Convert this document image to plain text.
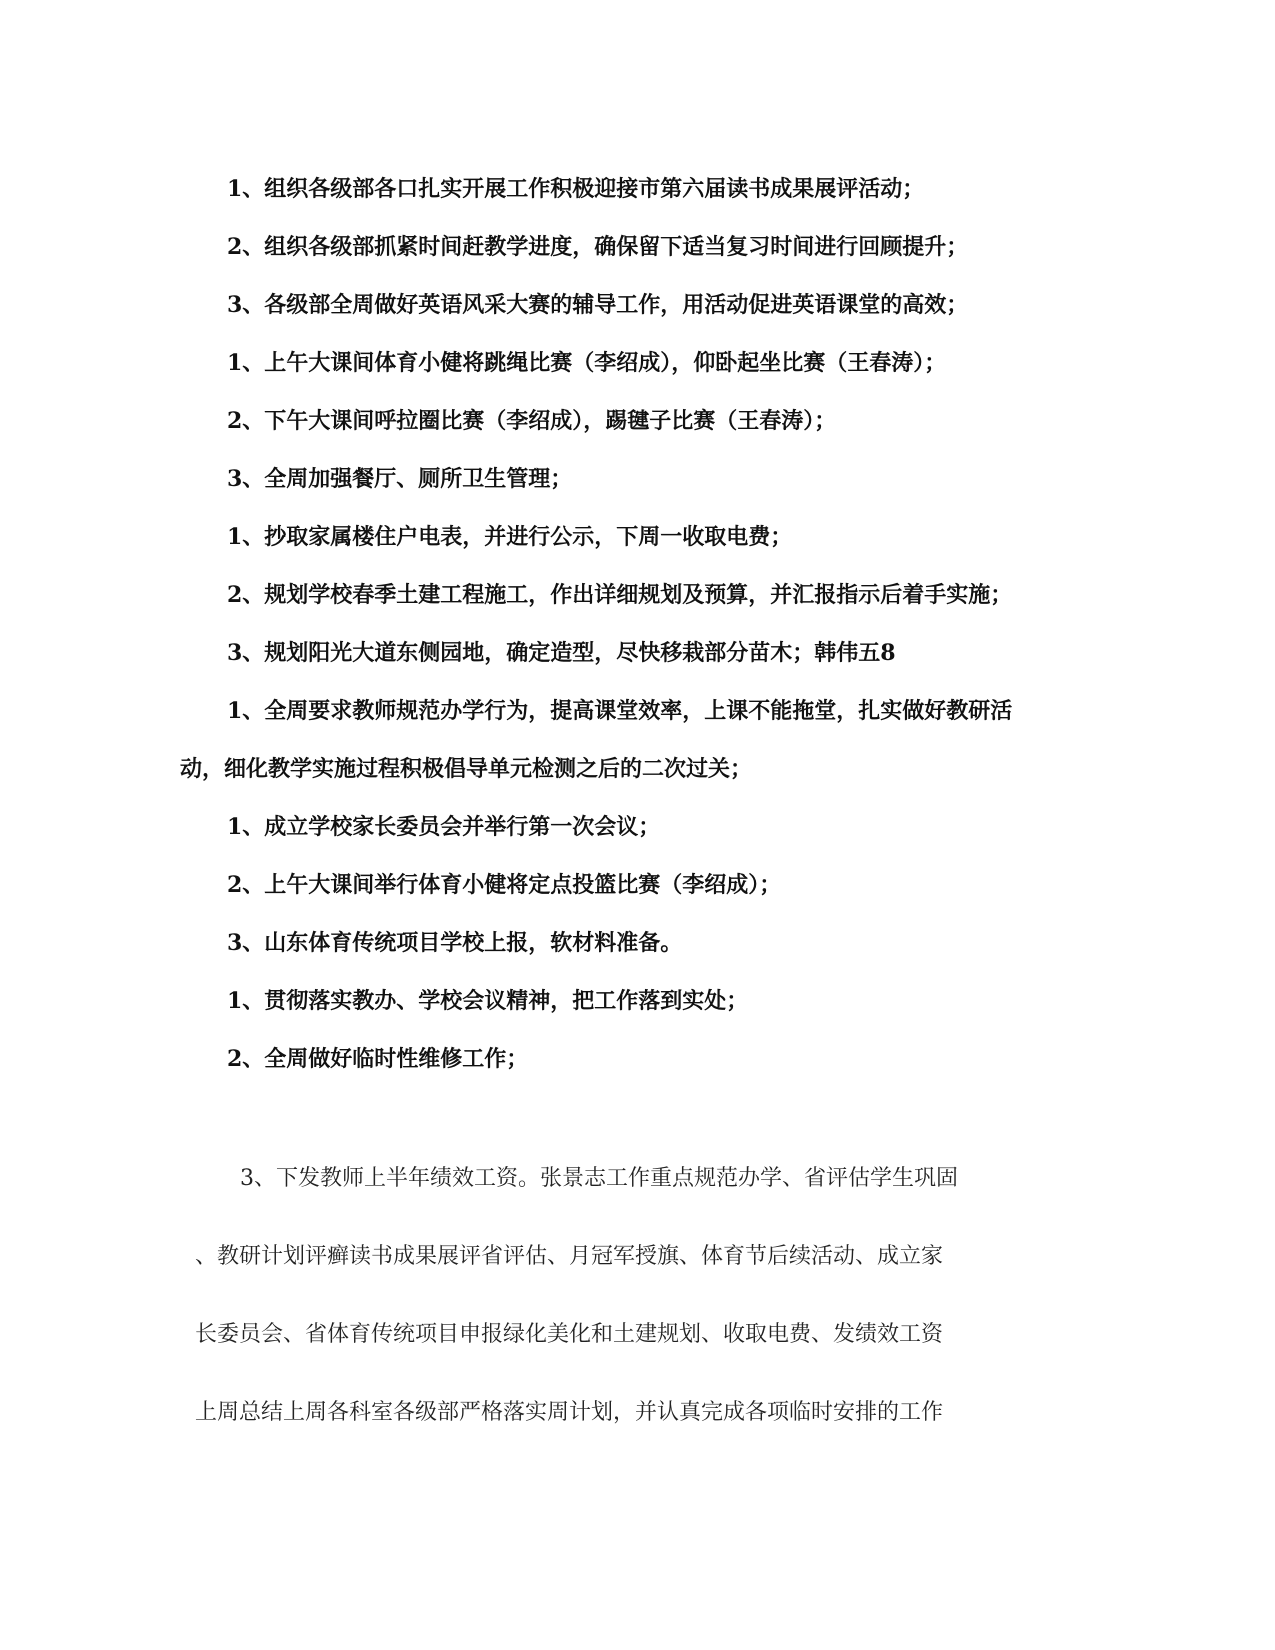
1、组织各级部各口扎实开展工作积极迎接市第六届读书成果展评活动；

2、组织各级部抓紧时间赶教学进度，确保留下适当复习时间进行回顾提升；

3、各级部全周做好英语风采大赛的辅导工作，用活动促进英语课堂的高效；

1、上午大课间体育小健将跳绳比赛（李绍成），仰卧起坐比赛（王春涛）；

2、下午大课间呼拉圈比赛（李绍成），踢毽子比赛（王春涛）；

3、全周加强餐厅、厕所卫生管理；

1、抄取家属楼住户电表，并进行公示，下周一收取电费；

2、规划学校春季土建工程施工，作出详细规划及预算，并汇报指示后着手实施；

3、规划阳光大道东侧园地，确定造型，尽快移栽部分苗木；韩伟五8

1、全周要求教师规范办学行为，提高课堂效率，上课不能拖堂，扎实做好教研活动，细化教学实施过程积极倡导单元检测之后的二次过关；

1、成立学校家长委员会并举行第一次会议；

2、上午大课间举行体育小健将定点投篮比赛（李绍成）；

3、山东体育传统项目学校上报，软材料准备。

1、贯彻落实教办、学校会议精神，把工作落到实处；

2、全周做好临时性维修工作；

3、下发教师上半年绩效工资。张景志工作重点规范办学、省评估学生巩固

、教研计划评癣读书成果展评省评估、月冠军授旗、体育节后续活动、成立家

长委员会、省体育传统项目申报绿化美化和土建规划、收取电费、发绩效工资

上周总结上周各科室各级部严格落实周计划，并认真完成各项临时安排的工作
